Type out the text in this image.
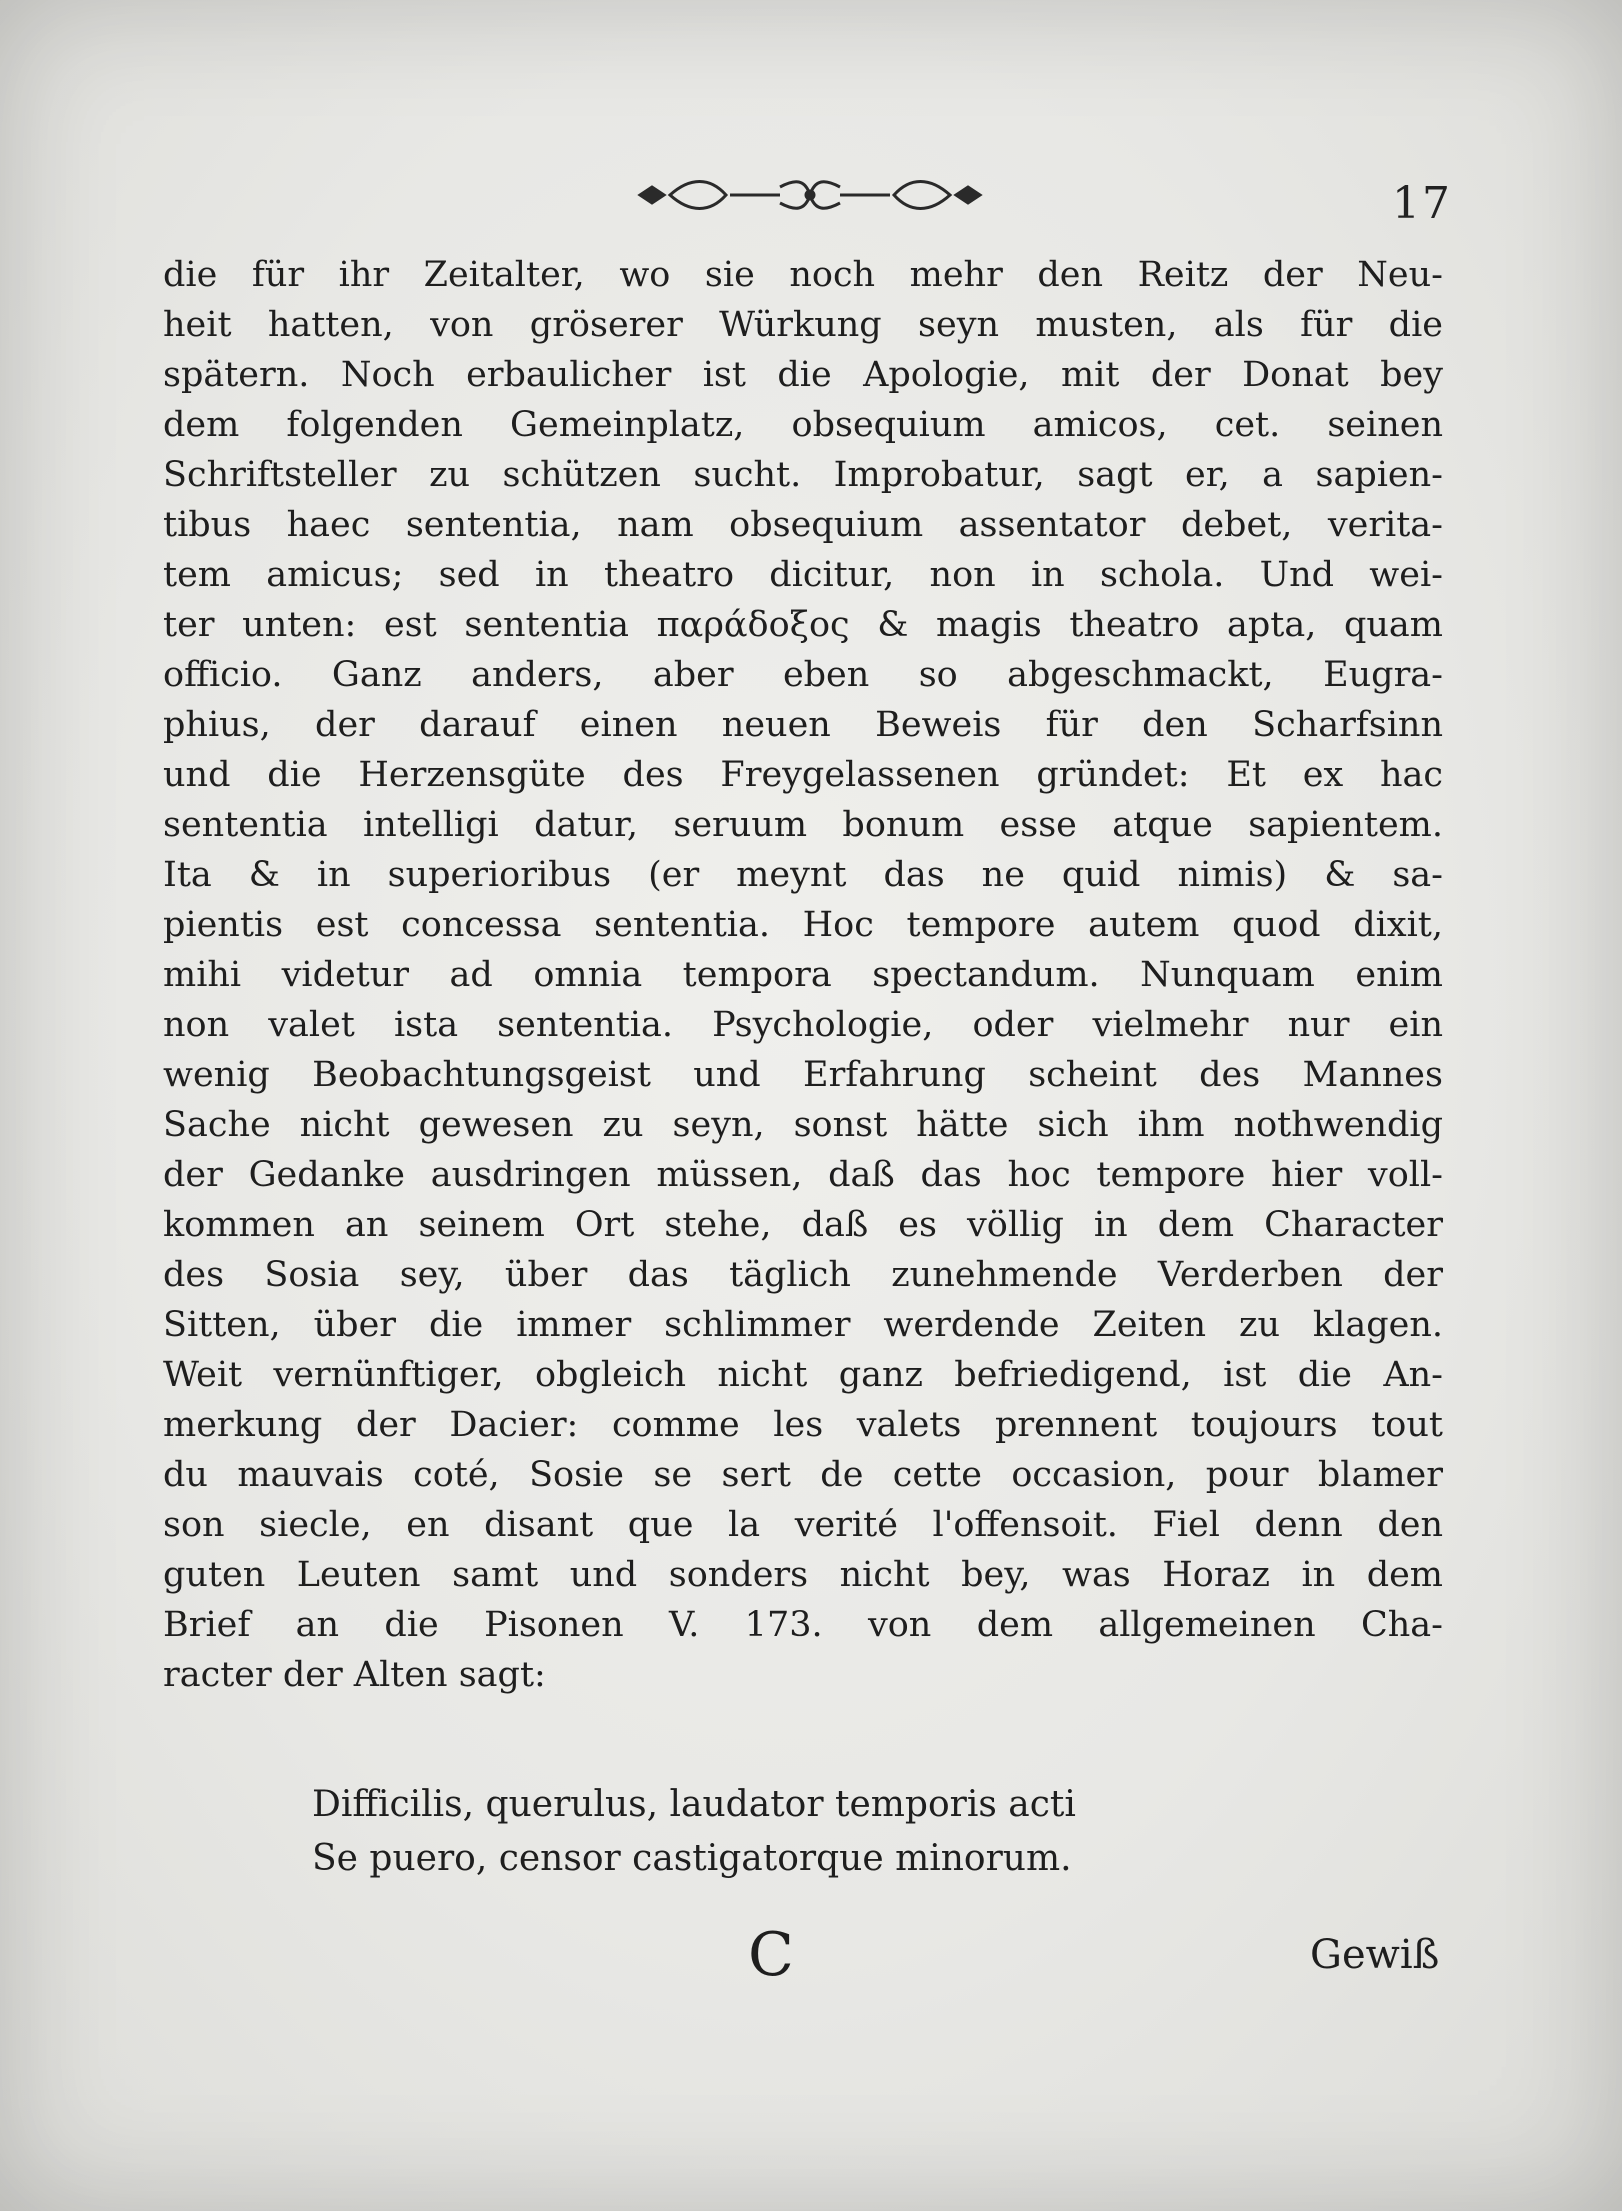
17
die für ihr Zeitalter, wo sie noch mehr den Reitz der Neu-
heit hatten, von gröserer Würkung seyn musten, als für die
spätern. Noch erbaulicher ist die Apologie, mit der Donat bey
dem folgenden Gemeinplatz, obsequium amicos, cet. seinen
Schriftsteller zu schützen sucht. Improbatur, sagt er, a sapien-
tibus haec sententia, nam obsequium assentator debet, verita-
tem amicus; sed in theatro dicitur, non in schola. Und wei-
ter unten: est sententia παράδοξος & magis theatro apta, quam
officio. Ganz anders, aber eben so abgeschmackt, Eugra-
phius, der darauf einen neuen Beweis für den Scharfsinn
und die Herzensgüte des Freygelassenen gründet: Et ex hac
sententia intelligi datur, seruum bonum esse atque sapientem.
Ita & in superioribus (er meynt das ne quid nimis) & sa-
pientis est concessa sententia. Hoc tempore autem quod dixit,
mihi videtur ad omnia tempora spectandum. Nunquam enim
non valet ista sententia. Psychologie, oder vielmehr nur ein
wenig Beobachtungsgeist und Erfahrung scheint des Mannes
Sache nicht gewesen zu seyn, sonst hätte sich ihm nothwendig
der Gedanke ausdringen müssen, daß das hoc tempore hier voll-
kommen an seinem Ort stehe, daß es völlig in dem Character
des Sosia sey, über das täglich zunehmende Verderben der
Sitten, über die immer schlimmer werdende Zeiten zu klagen.
Weit vernünftiger, obgleich nicht ganz befriedigend, ist die An-
merkung der Dacier: comme les valets prennent toujours tout
du mauvais coté, Sosie se sert de cette occasion, pour blamer
son siecle, en disant que la verité l'offensoit. Fiel denn den
guten Leuten samt und sonders nicht bey, was Horaz in dem
Brief an die Pisonen V. 173. von dem allgemeinen Cha-
racter der Alten sagt:
Difficilis, querulus, laudator temporis acti
Se puero, censor castigatorque minorum.
C	Gewiß
